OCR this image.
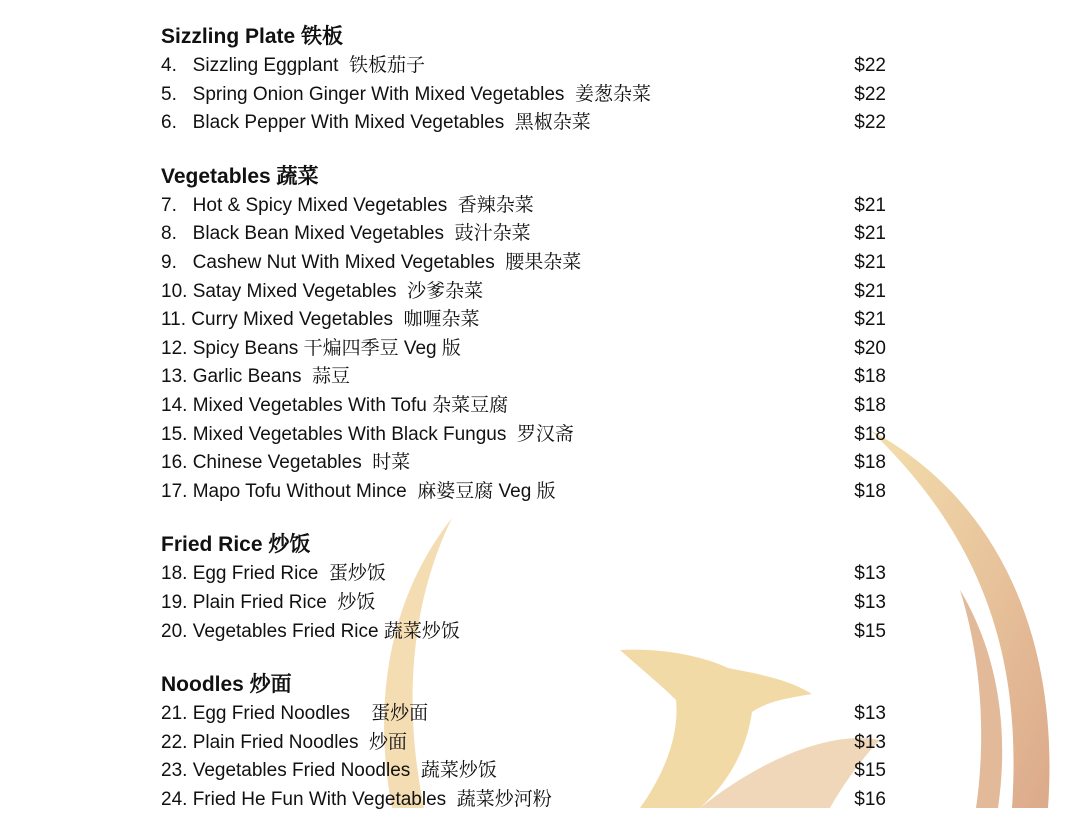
Sizzling Plate 铁板
4.   Sizzling Eggplant  铁板茄子	$22
5.   Spring Onion Ginger With Mixed Vegetables  姜葱杂菜	$22
6.   Black Pepper With Mixed Vegetables  黑椒杂菜	$22
Vegetables 蔬菜
7.   Hot & Spicy Mixed Vegetables  香辣杂菜	$21
8.   Black Bean Mixed Vegetables  豉汁杂菜	$21
9.   Cashew Nut With Mixed Vegetables  腰果杂菜	$21
10. Satay Mixed Vegetables  沙爹杂菜	$21
11. Curry Mixed Vegetables  咖喱杂菜	$21
12. Spicy Beans 干煸四季豆 Veg 版	$20
13. Garlic Beans  蒜豆	$18
14. Mixed Vegetables With Tofu 杂菜豆腐	$18
15. Mixed Vegetables With Black Fungus  罗汉斋	$18
16. Chinese Vegetables  时菜	$18
17. Mapo Tofu Without Mince  麻婆豆腐 Veg 版	$18
Fried Rice 炒饭
18. Egg Fried Rice  蛋炒饭	$13
19. Plain Fried Rice  炒饭	$13
20. Vegetables Fried Rice 蔬菜炒饭	$15
Noodles 炒面
21. Egg Fried Noodles    蛋炒面	$13
22. Plain Fried Noodles  炒面	$13
23. Vegetables Fried Noodles  蔬菜炒饭	$15
24. Fried He Fun With Vegetables  蔬菜炒河粉	$16
